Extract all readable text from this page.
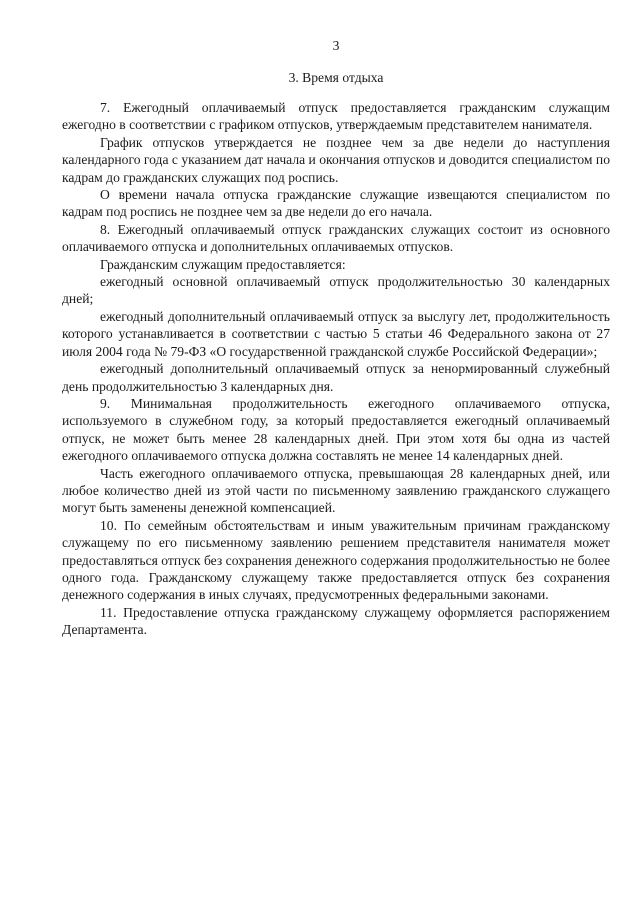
3
3. Время отдыха

7. Ежегодный оплачиваемый отпуск предоставляется гражданским служащим ежегодно в соответствии с графиком отпусков, утверждаемым представителем нанимателя.

График отпусков утверждается не позднее чем за две недели до наступления календарного года с указанием дат начала и окончания отпусков и доводится специалистом по кадрам до гражданских служащих под роспись.

О времени начала отпуска гражданские служащие извещаются специалистом по кадрам под роспись не позднее чем за две недели до его начала.

8. Ежегодный оплачиваемый отпуск гражданских служащих состоит из основного оплачиваемого отпуска и дополнительных оплачиваемых отпусков.

Гражданским служащим предоставляется:

ежегодный основной оплачиваемый отпуск продолжительностью 30 календарных дней;

ежегодный дополнительный оплачиваемый отпуск за выслугу лет, продолжительность которого устанавливается в соответствии с частью 5 статьи 46 Федерального закона от 27 июля 2004 года № 79-ФЗ «О государственной гражданской службе Российской Федерации»;

ежегодный дополнительный оплачиваемый отпуск за ненормированный служебный день продолжительностью 3 календарных дня.

9. Минимальная продолжительность ежегодного оплачиваемого отпуска, используемого в служебном году, за который предоставляется ежегодный оплачиваемый отпуск, не может быть менее 28 календарных дней. При этом хотя бы одна из частей ежегодного оплачиваемого отпуска должна составлять не менее 14 календарных дней.

Часть ежегодного оплачиваемого отпуска, превышающая 28 календарных дней, или любое количество дней из этой части по письменному заявлению гражданского служащего могут быть заменены денежной компенсацией.

10. По семейным обстоятельствам и иным уважительным причинам гражданскому служащему по его письменному заявлению решением представителя нанимателя может предоставляться отпуск без сохранения денежного содержания продолжительностью не более одного года. Гражданскому служащему также предоставляется отпуск без сохранения денежного содержания в иных случаях, предусмотренных федеральными законами.

11. Предоставление отпуска гражданскому служащему оформляется распоряжением Департамента.
